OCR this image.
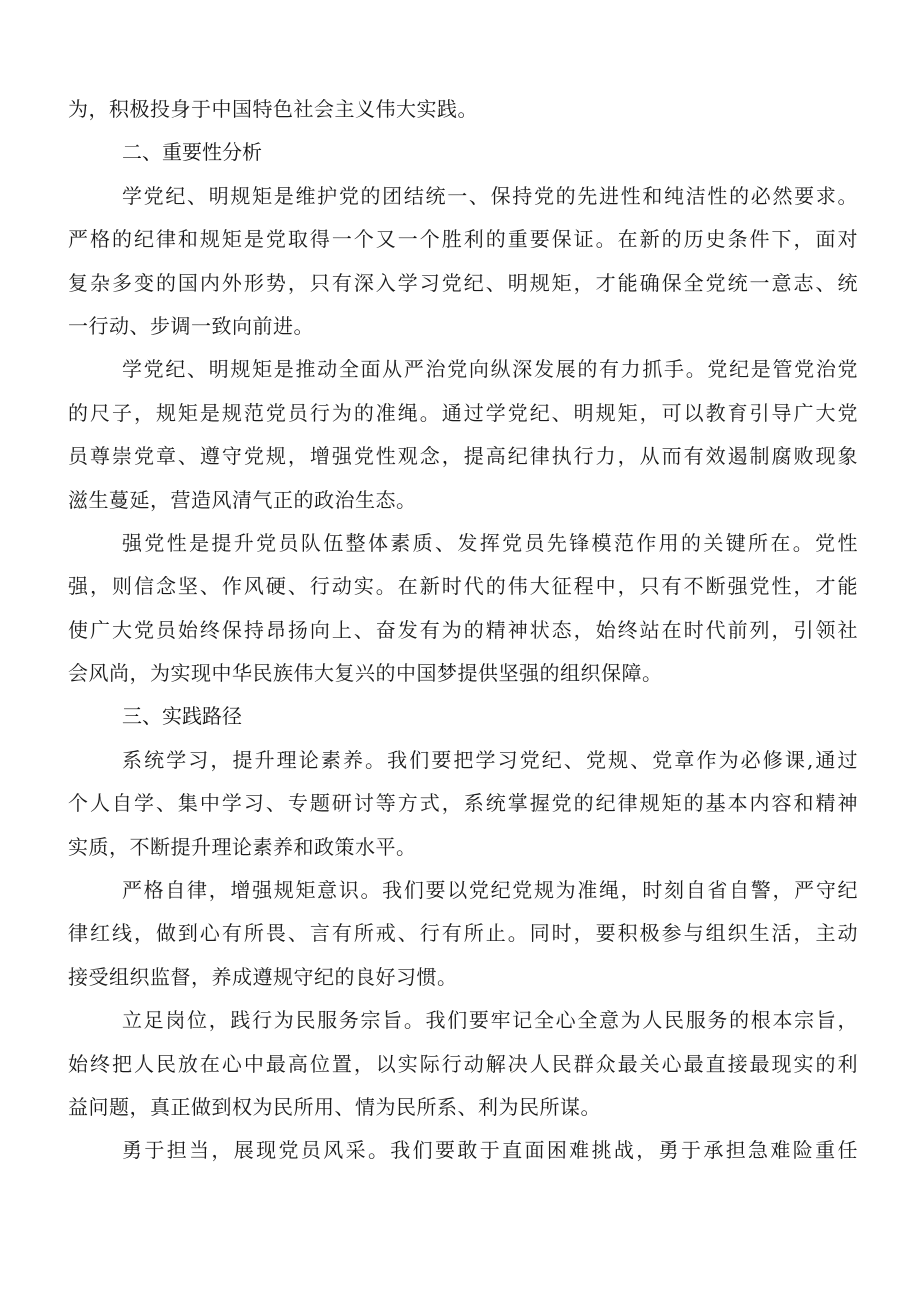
为，积极投身于中国特色社会主义伟大实践。
二、重要性分析
学党纪、明规矩是维护党的团结统一、保持党的先进性和纯洁性的必然要求。
严格的纪律和规矩是党取得一个又一个胜利的重要保证。在新的历史条件下，面对
复杂多变的国内外形势，只有深入学习党纪、明规矩，才能确保全党统一意志、统
一行动、步调一致向前进。
学党纪、明规矩是推动全面从严治党向纵深发展的有力抓手。党纪是管党治党
的尺子，规矩是规范党员行为的准绳。通过学党纪、明规矩，可以教育引导广大党
员尊崇党章、遵守党规，增强党性观念，提高纪律执行力，从而有效遏制腐败现象
滋生蔓延，营造风清气正的政治生态。
强党性是提升党员队伍整体素质、发挥党员先锋模范作用的关键所在。党性
强，则信念坚、作风硬、行动实。在新时代的伟大征程中，只有不断强党性，才能
使广大党员始终保持昂扬向上、奋发有为的精神状态，始终站在时代前列，引领社
会风尚，为实现中华民族伟大复兴的中国梦提供坚强的组织保障。
三、实践路径
系统学习，提升理论素养。我们要把学习党纪、党规、党章作为必修课,通过
个人自学、集中学习、专题研讨等方式，系统掌握党的纪律规矩的基本内容和精神
实质，不断提升理论素养和政策水平。
严格自律，增强规矩意识。我们要以党纪党规为准绳，时刻自省自警，严守纪
律红线，做到心有所畏、言有所戒、行有所止。同时，要积极参与组织生活，主动
接受组织监督，养成遵规守纪的良好习惯。
立足岗位，践行为民服务宗旨。我们要牢记全心全意为人民服务的根本宗旨，
始终把人民放在心中最高位置，以实际行动解决人民群众最关心最直接最现实的利
益问题，真正做到权为民所用、情为民所系、利为民所谋。
勇于担当，展现党员风采。我们要敢于直面困难挑战，勇于承担急难险重任
